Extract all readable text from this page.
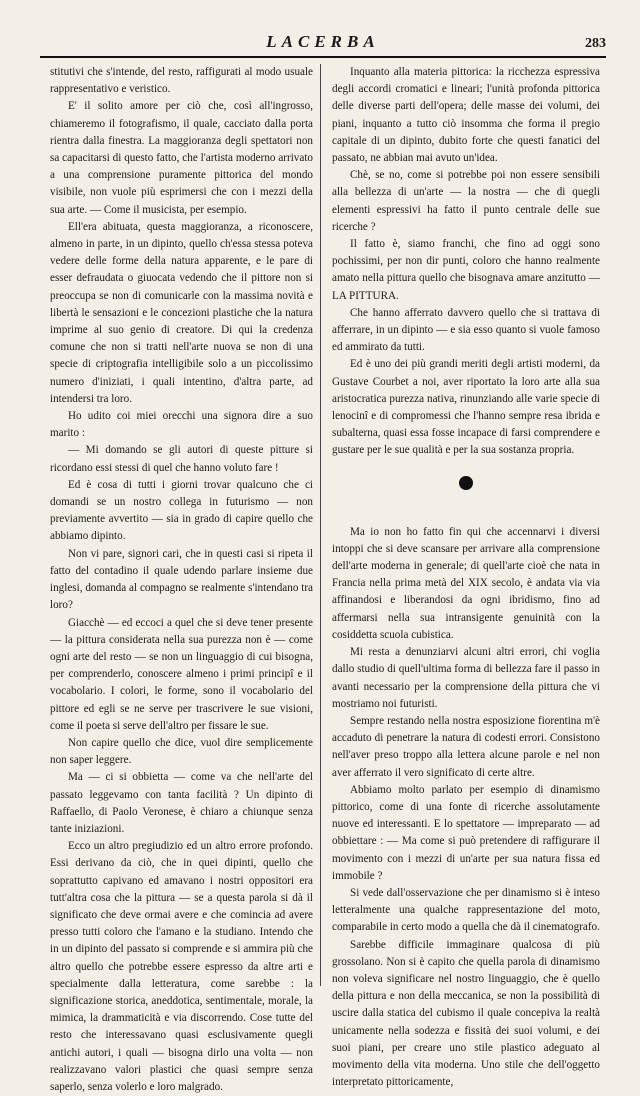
LACERBA	283

stitutivi che s'intende, del resto, raffigurati al modo usuale rappresentativo e veristico.

E' il solito amore per ciò che, così all'ingrosso, chiameremo il fotografismo, il quale, cacciato dalla porta rientra dalla finestra. La maggioranza degli spettatori non sa capacitarsi di questo fatto, che l'artista moderno arrivato a una comprensione puramente pittorica del mondo visibile, non vuole più esprimersi che con i mezzi della sua arte. — Come il musicista, per esempio.

Ell'era abituata, questa maggioranza, a riconoscere, almeno in parte, in un dipinto, quello ch'essa stessa poteva vedere delle forme della natura apparente, e le pare di esser defraudata o giuocata vedendo che il pittore non si preoccupa se non di comunicarle con la massima novità e libertà le sensazioni e le concezioni plastiche che la natura imprime al suo genio di creatore. Di qui la credenza comune che non si tratti nell'arte nuova se non di una specie di criptografia intelligibile solo a un piccolissimo numero d'iniziati, i quali intentino, d'altra parte, ad intendersi tra loro.

Ho udito coi miei orecchi una signora dire a suo marito :

— Mi domando se gli autori di queste pitture si ricordano essi stessi di quel che hanno voluto fare !

Ed è cosa di tutti i giorni trovar qualcuno che ci domandi se un nostro collega in futurismo — non previamente avvertito — sia in grado di capire quello che abbiamo dipinto.

Non vi pare, signori cari, che in questi casi si ripeta il fatto del contadino il quale udendo parlare insieme due inglesi, domanda al compagno se realmente s'intendano tra loro?

Giacchè — ed eccoci a quel che si deve tener presente — la pittura considerata nella sua purezza non è — come ogni arte del resto — se non un linguaggio di cui bisogna, per comprenderlo, conoscere almeno i primi principî e il vocabolario. I colori, le forme, sono il vocabolario del pittore ed egli se ne serve per trascrivere le sue visioni, come il poeta si serve dell'altro per fissare le sue.

Non capire quello che dice, vuol dire semplicemente non saper leggere.

Ma — ci si obbietta — come va che nell'arte del passato leggevamo con tanta facilità ? Un dipinto di Raffaello, di Paolo Veronese, è chiaro a chiunque senza tante iniziazioni.

Ecco un altro pregiudizio ed un altro errore profondo. Essi derivano da ciò, che in quei dipinti, quello che soprattutto capivano ed amavano i nostri oppositori era tutt'altra cosa che la pittura — se a questa parola si dà il significato che deve ormai avere e che comincia ad avere presso tutti coloro che l'amano e la studiano. Intendo che in un dipinto del passato si comprende e si ammira più che altro quello che potrebbe essere espresso da altre arti e specialmente dalla letteratura, come sarebbe : la significazione storica, aneddotica, sentimentale, morale, la mimica, la drammaticità e via discorrendo. Cose tutte del resto che interessavano quasi esclusivamente quegli antichi autori, i quali — bisogna dirlo una volta — non realizzavano valori plastici che quasi sempre senza saperlo, senza volerlo e loro malgrado.

Inquanto alla materia pittorica: la ricchezza espressiva degli accordi cromatici e lineari; l'unità profonda pittorica delle diverse parti dell'opera; delle masse dei volumi, dei piani, inquanto a tutto ciò insomma che forma il pregio capitale di un dipinto, dubito forte che questi fanatici del passato, ne abbian mai avuto un'idea.

Chè, se no, come si potrebbe poi non essere sensibili alla bellezza di un'arte — la nostra — che di quegli elementi espressivi ha fatto il punto centrale delle sue ricerche ?

Il fatto è, siamo franchi, che fino ad oggi sono pochissimi, per non dir punti, coloro che hanno realmente amato nella pittura quello che bisognava amare anzitutto — LA PITTURA.

Che hanno afferrato davvero quello che si trattava di afferrare, in un dipinto — e sia esso quanto si vuole famoso ed ammirato da tutti.

Ed è uno dei più grandi meriti degli artisti moderni, da Gustave Courbet a noi, aver riportato la loro arte alla sua aristocratica purezza nativa, rinunziando alle varie specie di lenocinî e di compromessi che l'hanno sempre resa ibrida e subalterna, quasi essa fosse incapace di farsi comprendere e gustare per le sue qualità e per la sua sostanza propria.

Ma io non ho fatto fin qui che accennarvi i diversi intoppi che si deve scansare per arrivare alla comprensione dell'arte moderna in generale; di quell'arte cioè che nata in Francia nella prima metà del XIX secolo, è andata via via affinandosi e liberandosi da ogni ibridismo, fino ad affermarsi nella sua intransigente genuinità con la cosiddetta scuola cubistica.

Mi resta a denunziarvi alcuni altri errori, chi voglia dallo studio di quell'ultima forma di bellezza fare il passo in avanti necessario per la comprensione della pittura che vi mostriamo noi futuristi.

Sempre restando nella nostra esposizione fiorentina m'è accaduto di penetrare la natura di codesti errori. Consistono nell'aver preso troppo alla lettera alcune parole e nel non aver afferrato il vero significato di certe altre.

Abbiamo molto parlato per esempio di dinamismo pittorico, come di una fonte di ricerche assolutamente nuove ed interessanti. E lo spettatore — impreparato — ad obbiettare : — Ma come si può pretendere di raffigurare il movimento con i mezzi di un'arte per sua natura fissa ed immobile ?

Si vede dall'osservazione che per dinamismo si è inteso letteralmente una qualche rappresentazione del moto, comparabile in certo modo a quella che dà il cinematografo.

Sarebbe difficile immaginare qualcosa di più grossolano. Non si è capito che quella parola di dinamismo non voleva significare nel nostro linguaggio, che è quello della pittura e non della meccanica, se non la possibilità di uscire dalla statica del cubismo il quale concepiva la realtà unicamente nella sodezza e fissità dei suoi volumi, e dei suoi piani, per creare uno stile plastico adeguato al movimento della vita moderna. Uno stile che dell'oggetto interpretato pittoricamente,
